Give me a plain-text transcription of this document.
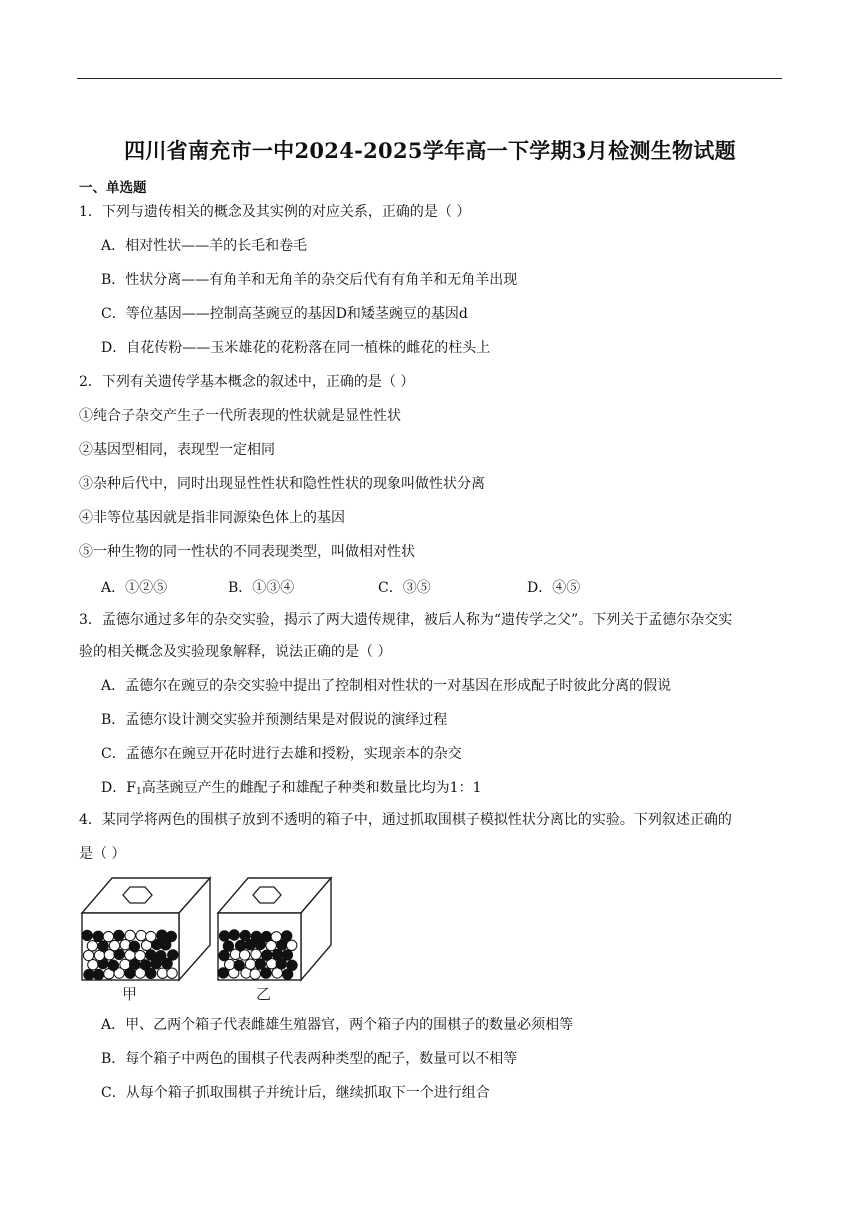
四川省南充市一中2024-2025学年高一下学期3月检测生物试题
一、单选题
1．下列与遗传相关的概念及其实例的对应关系，正确的是（ ）
A．相对性状——羊的长毛和卷毛
B．性状分离——有角羊和无角羊的杂交后代有有角羊和无角羊出现
C．等位基因——控制高茎豌豆的基因D和矮茎豌豆的基因d
D．自花传粉——玉米雄花的花粉落在同一植株的雌花的柱头上
2．下列有关遗传学基本概念的叙述中，正确的是（ ）
①纯合子杂交产生子一代所表现的性状就是显性性状
②基因型相同，表现型一定相同
③杂种后代中，同时出现显性性状和隐性性状的现象叫做性状分离
④非等位基因就是指非同源染色体上的基因
⑤一种生物的同一性状的不同表现类型，叫做相对性状
A．①②⑤	B．①③④	C．③⑤	D．④⑤
3．孟德尔通过多年的杂交实验，揭示了两大遗传规律，被后人称为“遗传学之父”。下列关于孟德尔杂交实
验的相关概念及实验现象解释，说法正确的是（ ）
A．孟德尔在豌豆的杂交实验中提出了控制相对性状的一对基因在形成配子时彼此分离的假说
B．孟德尔设计测交实验并预测结果是对假说的演绎过程
C．孟德尔在豌豆开花时进行去雄和授粉，实现亲本的杂交
D．$F_1$高茎豌豆产生的雌配子和雄配子种类和数量比均为1：1
4．某同学将两色的围棋子放到不透明的箱子中，通过抓取围棋子模拟性状分离比的实验。下列叙述正确的
是（ ）
甲	乙
A．甲、乙两个箱子代表雌雄生殖器官，两个箱子内的围棋子的数量必须相等
B．每个箱子中两色的围棋子代表两种类型的配子，数量可以不相等
C．从每个箱子抓取围棋子并统计后，继续抓取下一个进行组合
